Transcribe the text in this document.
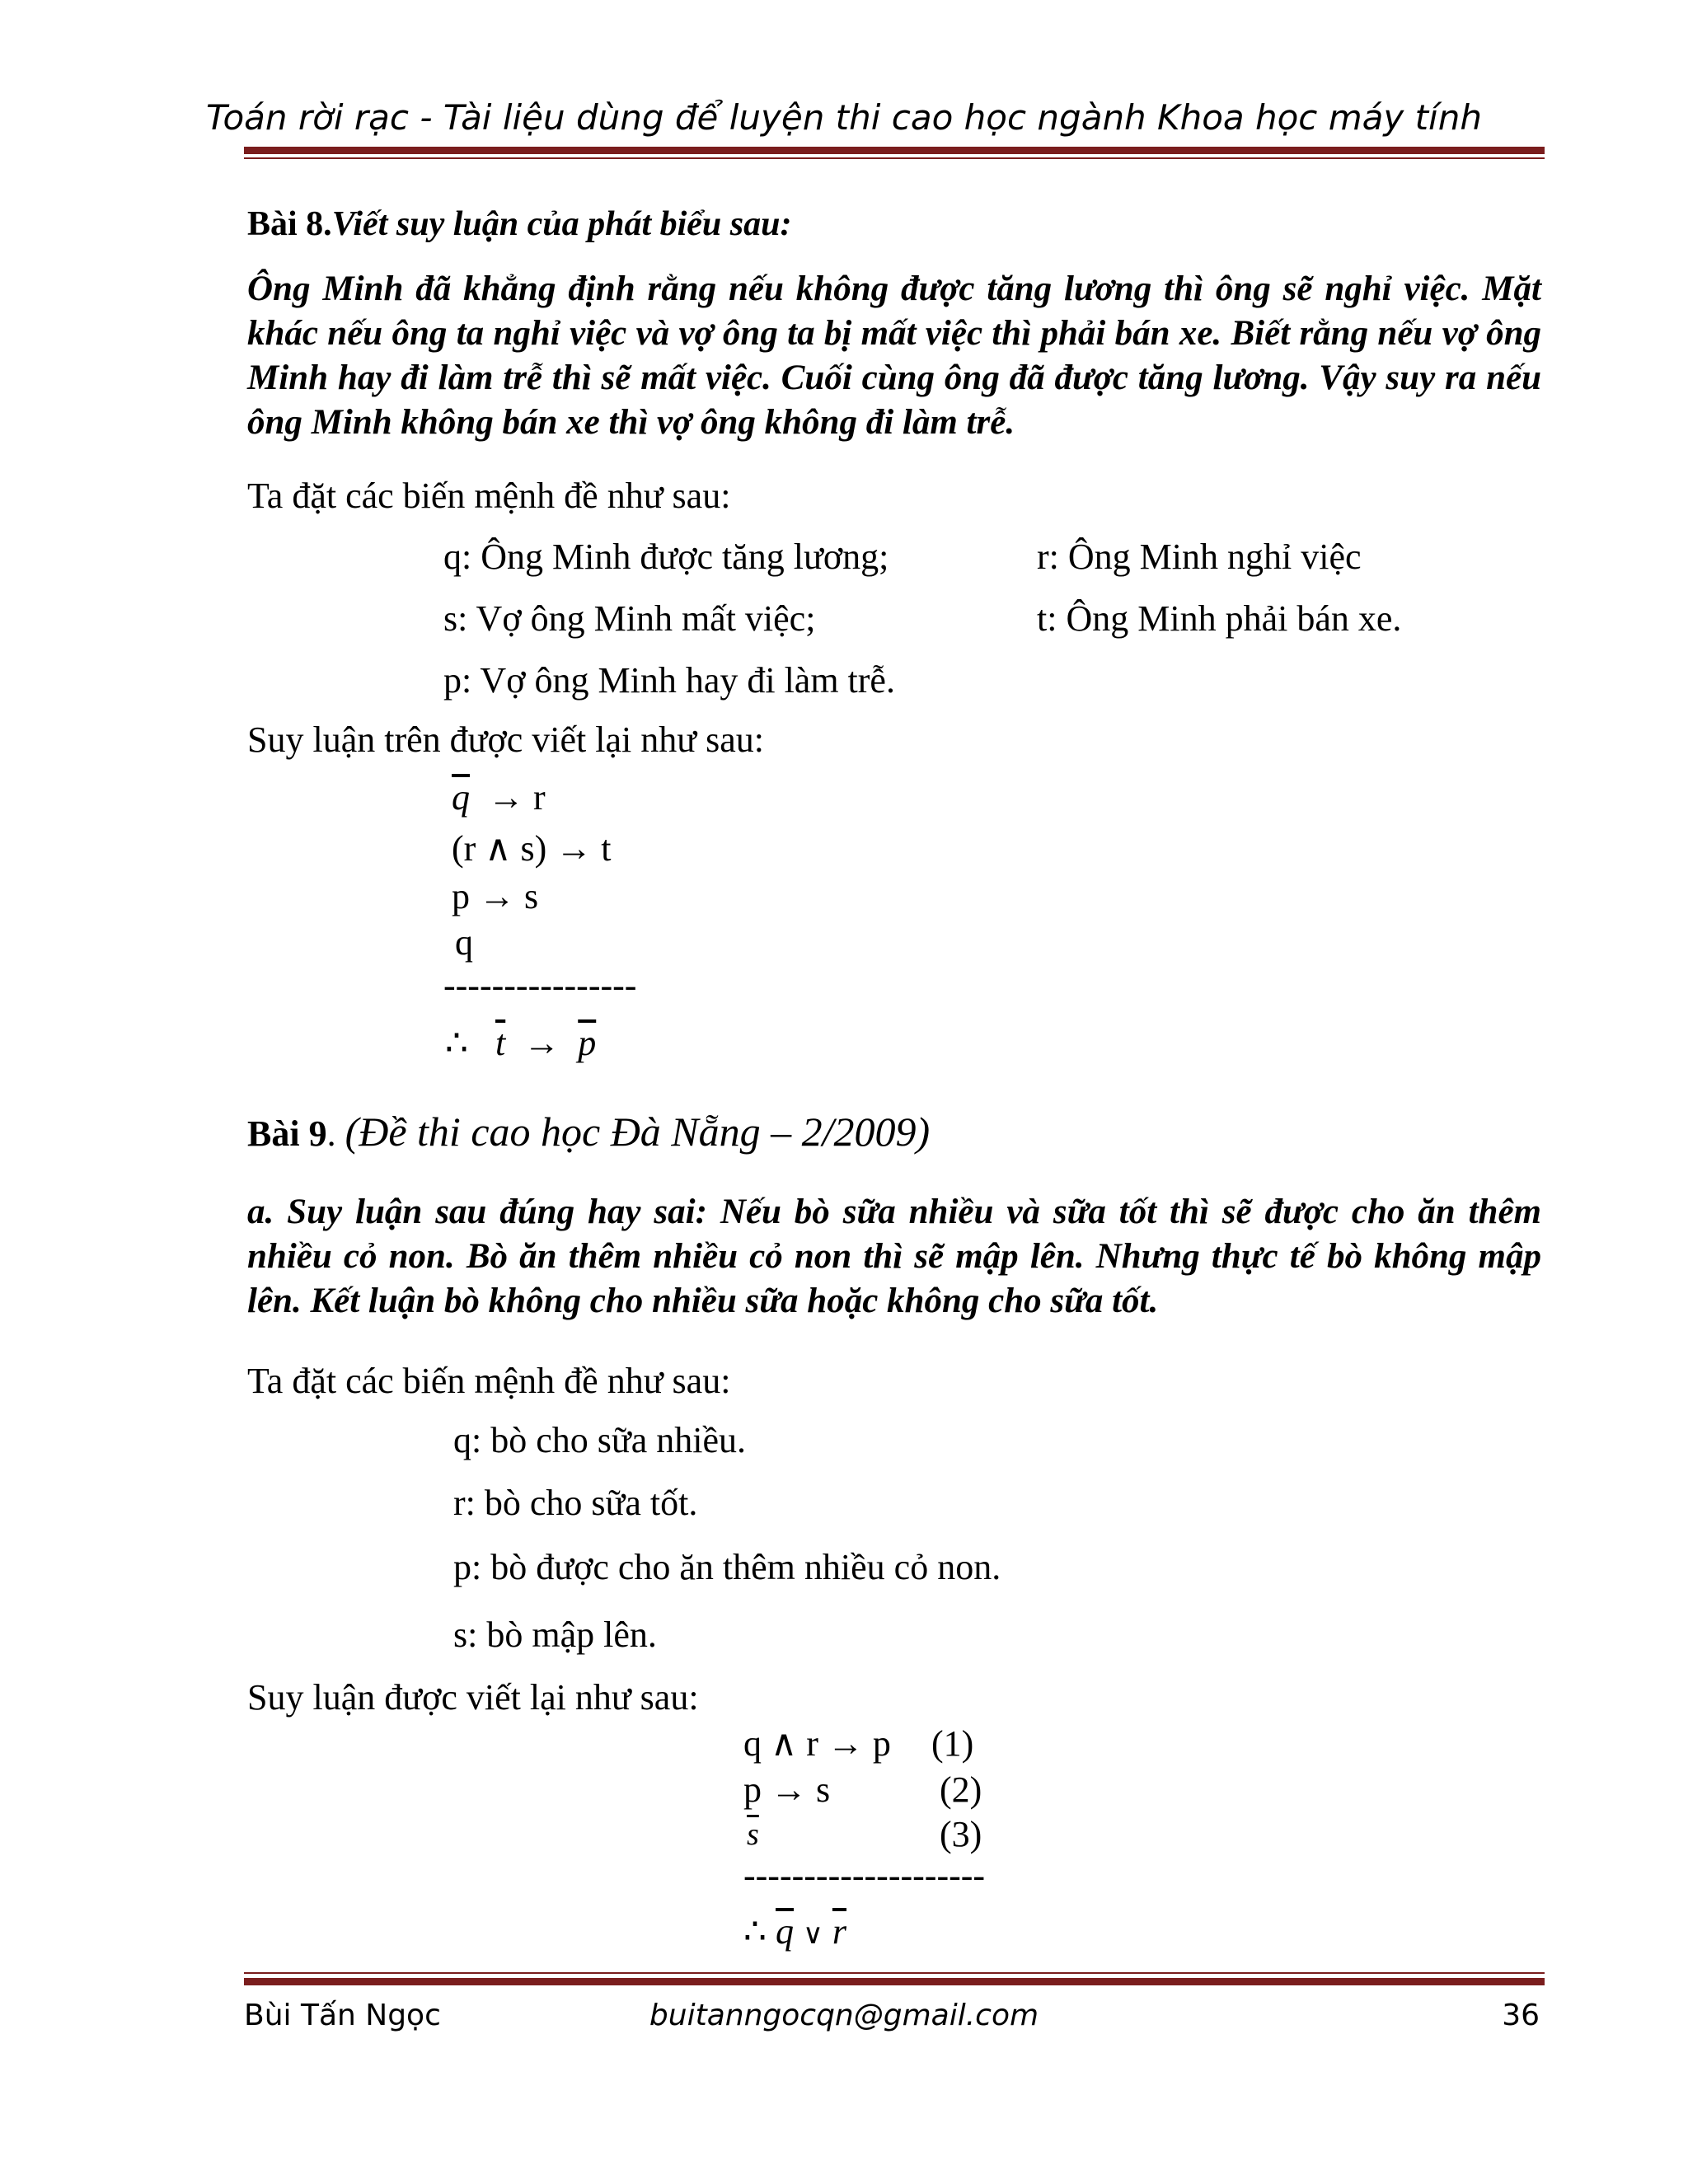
Toán rời rạc - Tài liệu dùng để luyện thi cao học ngành Khoa học máy tính
Bài 8.Viết suy luận của phát biểu sau:
Ông Minh đã khẳng định rằng nếu không được tăng lương thì ông sẽ nghỉ việc. Mặt khác nếu ông ta nghỉ việc và vợ ông ta bị mất việc thì phải bán xe. Biết rằng nếu vợ ông Minh hay đi làm trễ thì sẽ mất việc. Cuối cùng ông đã được tăng lương. Vậy suy ra nếu ông Minh không bán xe thì vợ ông không đi làm trễ.
Ta đặt các biến mệnh đề như sau:
q: Ông Minh được tăng lương;	r: Ông Minh nghỉ việc
s: Vợ ông Minh mất việc;	t: Ông Minh phải bán xe.
p: Vợ ông Minh hay đi làm trễ.
Suy luận trên được viết lại như sau:
$\overline{q} \to r$
(r ∧ s) → t
p → s
q
----------------
∴ $\overline{t} \to \overline{p}$
Bài 9. (Đề thi cao học Đà Nẵng – 2/2009)
a. Suy luận sau đúng hay sai: Nếu bò sữa nhiều và sữa tốt thì sẽ được cho ăn thêm nhiều cỏ non. Bò ăn thêm nhiều cỏ non thì sẽ mập lên. Nhưng thực tế bò không mập lên. Kết luận bò không cho nhiều sữa hoặc không cho sữa tốt.
Ta đặt các biến mệnh đề như sau:
q: bò cho sữa nhiều.
r: bò cho sữa tốt.
p: bò được cho ăn thêm nhiều cỏ non.
s: bò mập lên.
Suy luận được viết lại như sau:
q ∧ r → p (1)
p → s	(2)
$\overline{s}$	(3)
--------------------
∴ $\overline{q}$ ∨ $\overline{r}$
Bùi Tấn Ngọc	buitanngocqn@gmail.com	36
